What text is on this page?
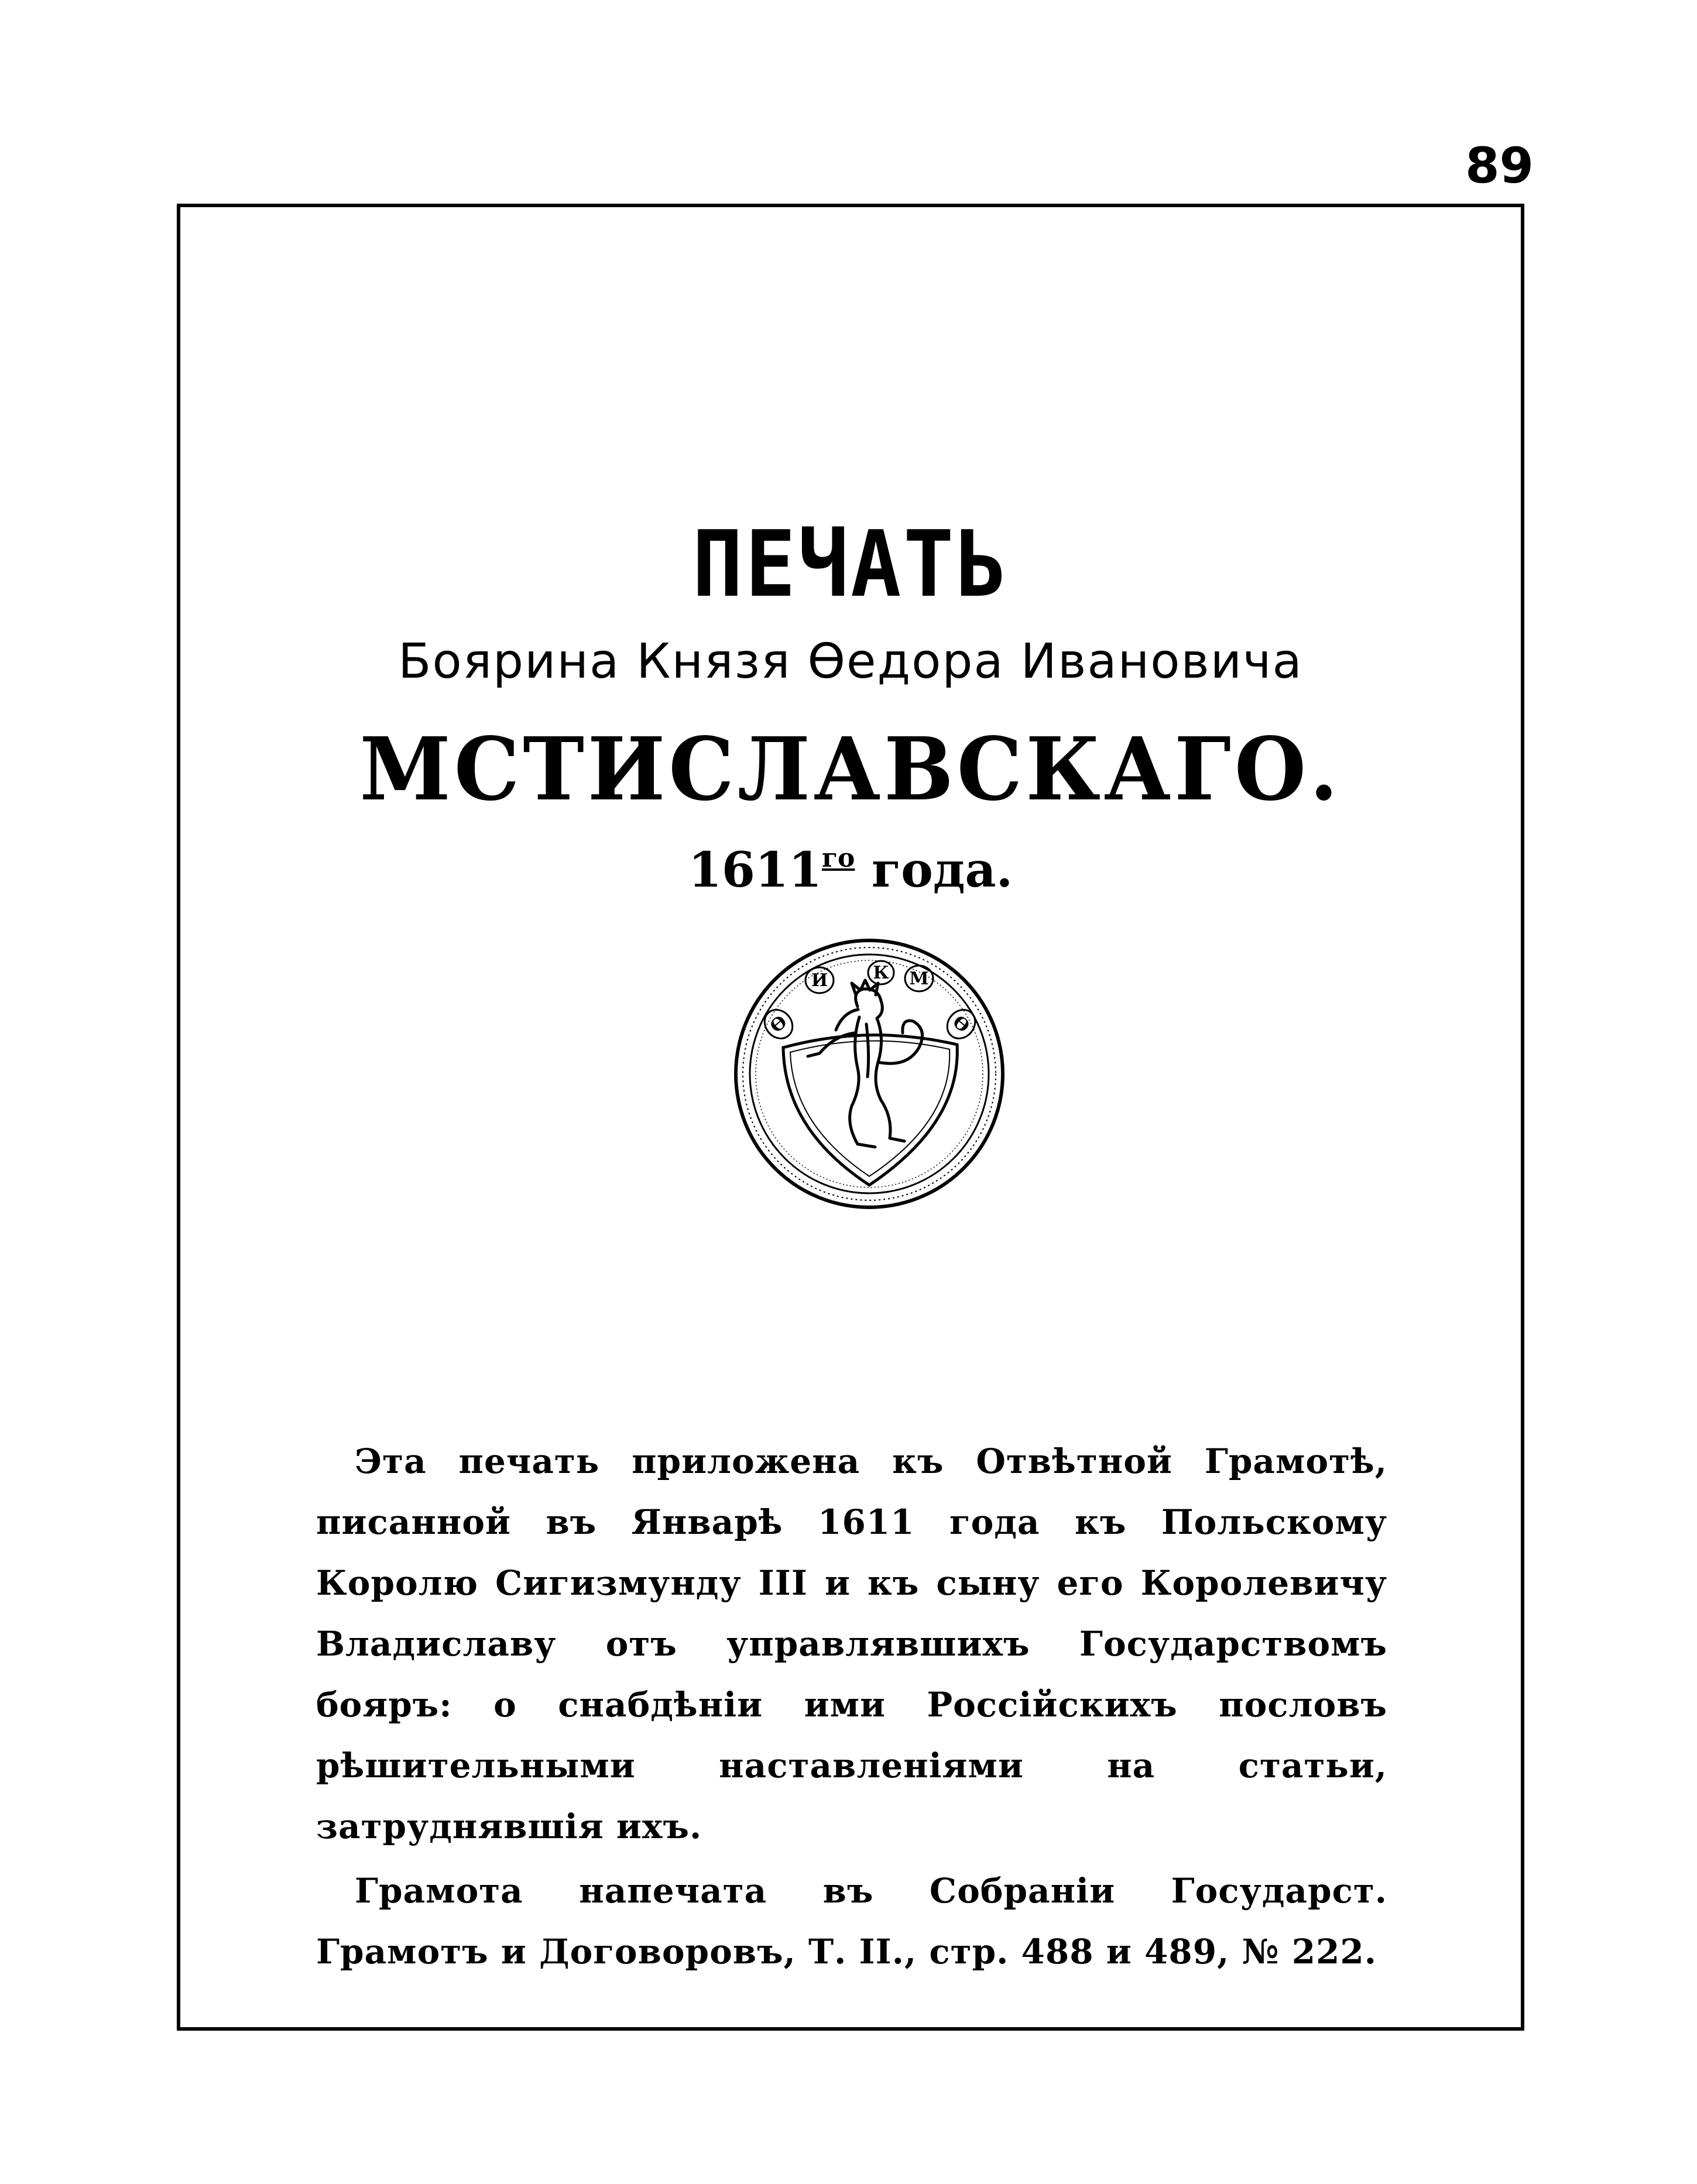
89
ПЕЧАТЬ
Боярина Князя Ѳедора Ивановича
МСТИСЛАВСКАГО.
$1611^{го}$ года.
Ѳ
И	К М
Ѳ

Эта печать приложена къ Отвѣтной Грамотѣ, писанной въ Январѣ 1611 года къ Польскому Королю Сигизмунду III и къ сыну его Королевичу Владиславу отъ управлявшихъ Государствомъ бояръ: о снабдѣніи ими Россійскихъ пословъ рѣшительными наставленіями на статьи, затруднявшія ихъ.

Грамота напечата въ Собраніи Государст. Грамотъ и Договоровъ, Т. II., стр. 488 и 489, № 222.
